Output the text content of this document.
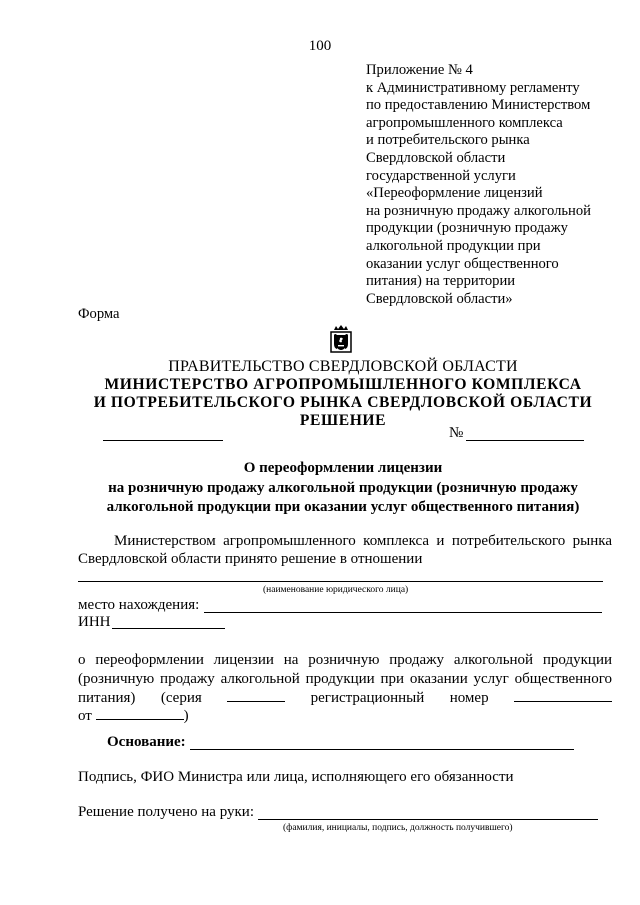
100
Приложение № 4
к Административному регламенту
по предоставлению Министерством
агропромышленного комплекса
и потребительского рынка
Свердловской области
государственной услуги
«Переоформление лицензий
на розничную продажу алкогольной
продукции (розничную продажу
алкогольной продукции при
оказании услуг общественного
питания) на территории
Свердловской области»
Форма
ПРАВИТЕЛЬСТВО СВЕРДЛОВСКОЙ ОБЛАСТИ
МИНИСТЕРСТВО АГРОПРОМЫШЛЕННОГО КОМПЛЕКСА
И ПОТРЕБИТЕЛЬСКОГО РЫНКА СВЕРДЛОВСКОЙ ОБЛАСТИ
РЕШЕНИЕ
№
О переоформлении лицензии
на розничную продажу алкогольной продукции (розничную продажу
алкогольной продукции при оказании услуг общественного питания)
Министерством агропромышленного комплекса и потребительского рынка Свердловской области принято решение в отношении
(наименование юридического лица)
место нахождения:
ИНН
о переоформлении лицензии на розничную продажу алкогольной продукции
(розничную продажу алкогольной продукции при оказании услуг общественного
питания) (серия	регистрационный номер
от	)
Основание:
Подпись, ФИО Министра или лица, исполняющего его обязанности
Решение получено на руки:
(фамилия, инициалы, подпись, должность получившего)
